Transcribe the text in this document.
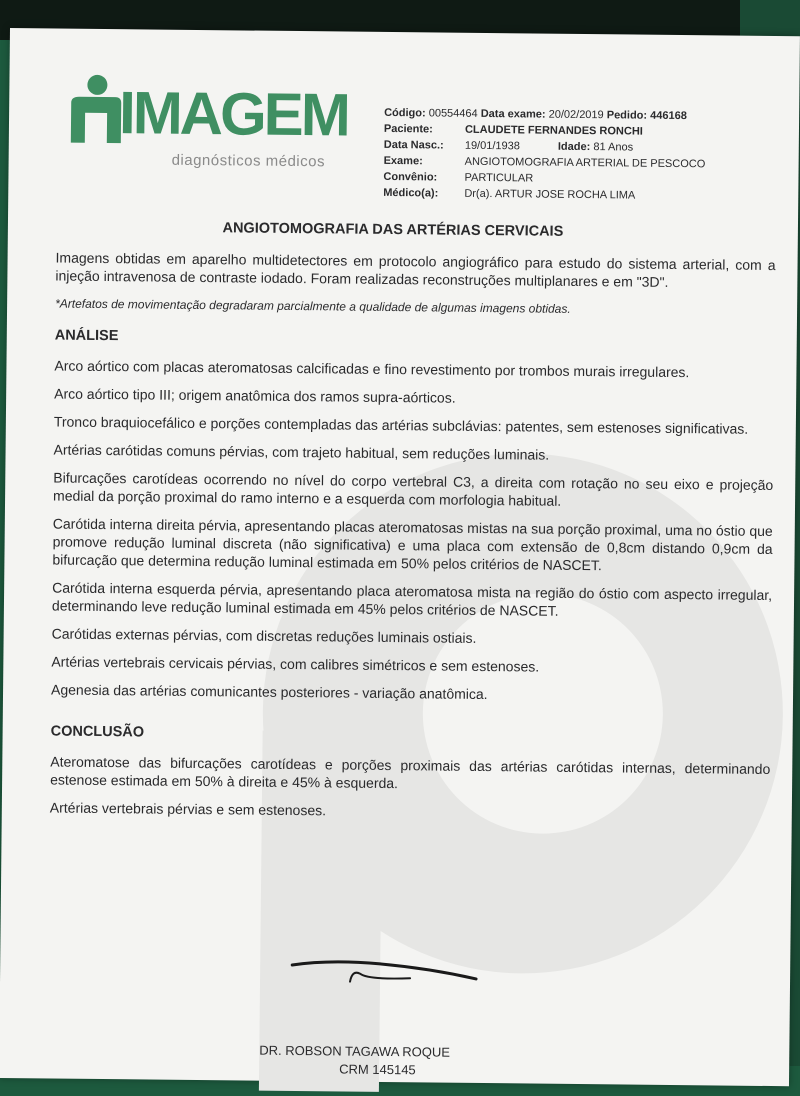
IMAGEM
diagnósticos médicos
Código: 00554464 Data exame: 20/02/2019 Pedido: 446168
Paciente:	CLAUDETE FERNANDES RONCHI
Data Nasc.: 19/01/1938	Idade: 81 Anos
Exame:	ANGIOTOMOGRAFIA ARTERIAL DE PESCOCO
Convênio: PARTICULAR
Médico(a): Dr(a). ARTUR JOSE ROCHA LIMA
ANGIOTOMOGRAFIA DAS ARTÉRIAS CERVICAIS

Imagens obtidas em aparelho multidetectores em protocolo angiográfico para estudo do sistema arterial, com a injeção intravenosa de contraste iodado. Foram realizadas reconstruções multiplanares e em "3D".

*Artefatos de movimentação degradaram parcialmente a qualidade de algumas imagens obtidas.

ANÁLISE

Arco aórtico com placas ateromatosas calcificadas e fino revestimento por trombos murais irregulares.

Arco aórtico tipo III; origem anatômica dos ramos supra-aórticos.

Tronco braquiocefálico e porções contempladas das artérias subclávias: patentes, sem estenoses significativas.

Artérias carótidas comuns pérvias, com trajeto habitual, sem reduções luminais.

Bifurcações carotídeas ocorrendo no nível do corpo vertebral C3, a direita com rotação no seu eixo e projeção medial da porção proximal do ramo interno e a esquerda com morfologia habitual.

Carótida interna direita pérvia, apresentando placas ateromatosas mistas na sua porção proximal, uma no óstio que promove redução luminal discreta (não significativa) e uma placa com extensão de 0,8cm distando 0,9cm da bifurcação que determina redução luminal estimada em 50% pelos critérios de NASCET.

Carótida interna esquerda pérvia, apresentando placa ateromatosa mista na região do óstio com aspecto irregular, determinando leve redução luminal estimada em 45% pelos critérios de NASCET.

Carótidas externas pérvias, com discretas reduções luminais ostiais.

Artérias vertebrais cervicais pérvias, com calibres simétricos e sem estenoses.

Agenesia das artérias comunicantes posteriores - variação anatômica.

CONCLUSÃO

Ateromatose das bifurcações carotídeas e porções proximais das artérias carótidas internas, determinando estenose estimada em 50% à direita e 45% à esquerda.

Artérias vertebrais pérvias e sem estenoses.

DR. ROBSON TAGAWA ROQUE
CRM 145145
